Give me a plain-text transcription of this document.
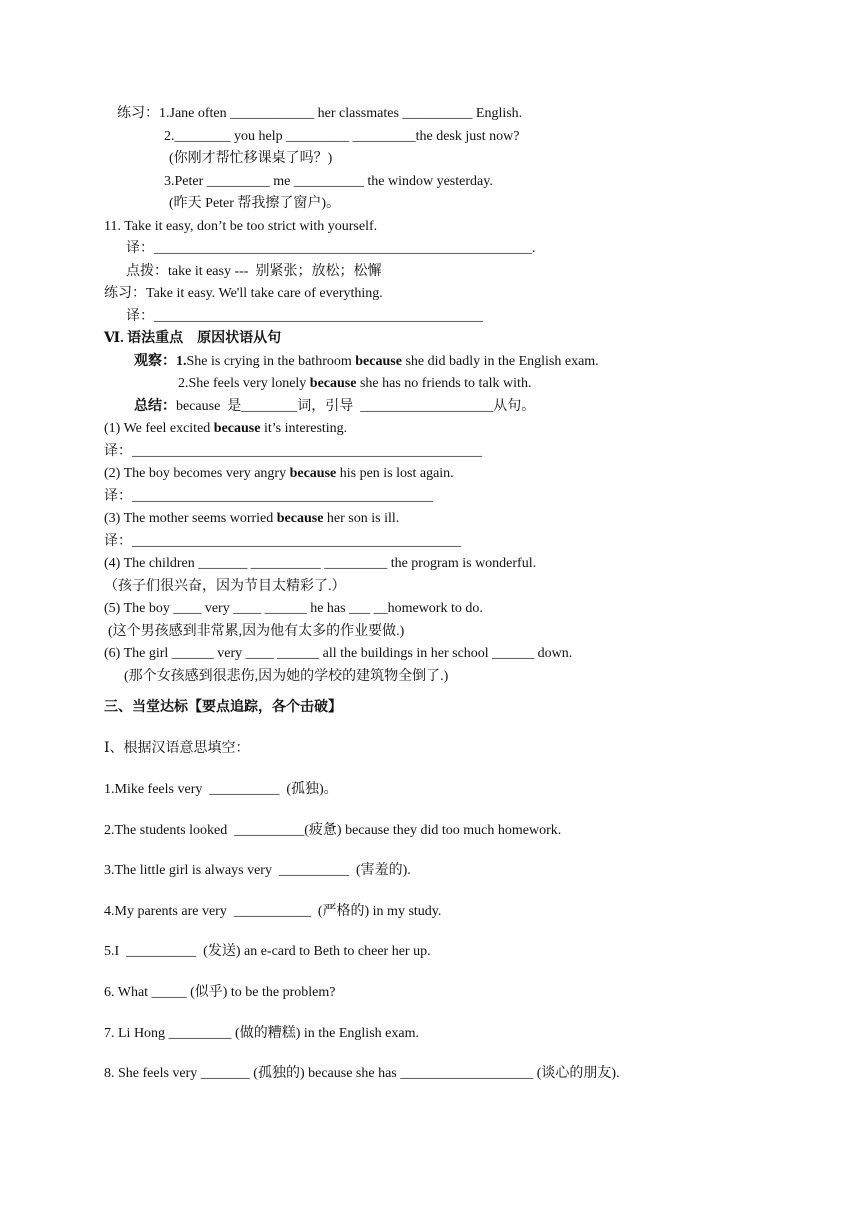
练习：1.Jane often ____________ her classmates __________ English.
2.________ you help _________ _________the desk just now?
(你刚才帮忙移课桌了吗？)
3.Peter _________ me __________ the window yesterday.
(昨天 Peter 帮我擦了窗户)。
11. Take it easy, don’t be too strict with yourself.
译：______________________________________________________.
点拨：take it easy ---  别紧张；放松；松懈
练习：Take it easy. We'll take care of everything.
译：_______________________________________________
Ⅵ. 语法重点    原因状语从句
观察：1.She is crying in the bathroom because she did badly in the English exam.
2.She feels very lonely because she has no friends to talk with.
总结：because  是________词，引导  ___________________从句。
(1) We feel excited because it’s interesting.
译：__________________________________________________
(2) The boy becomes very angry because his pen is lost again.
译：___________________________________________
(3) The mother seems worried because her son is ill.
译：_______________________________________________
(4) The children _______ __________ _________ the program is wonderful.
（孩子们很兴奋，因为节目太精彩了.）
(5) The boy ____ very ____ ______ he has ___ __homework to do.
(这个男孩感到非常累,因为他有太多的作业要做.)
(6) The girl ______ very ____ ______ all the buildings in her school ______ down.
(那个女孩感到很悲伤,因为她的学校的建筑物全倒了.)
三、当堂达标【要点追踪，各个击破】
Ⅰ、根据汉语意思填空：
1.Mike feels very  __________  (孤独)。
2.The students looked  __________(疲惫) because they did too much homework.
3.The little girl is always very  __________  (害羞的).
4.My parents are very  ___________  (严格的) in my study.
5.I  __________  (发送) an e-card to Beth to cheer her up.
6. What _____ (似乎) to be the problem?
7. Li Hong _________ (做的糟糕) in the English exam.
8. She feels very _______ (孤独的) because she has ___________________ (谈心的朋友).
